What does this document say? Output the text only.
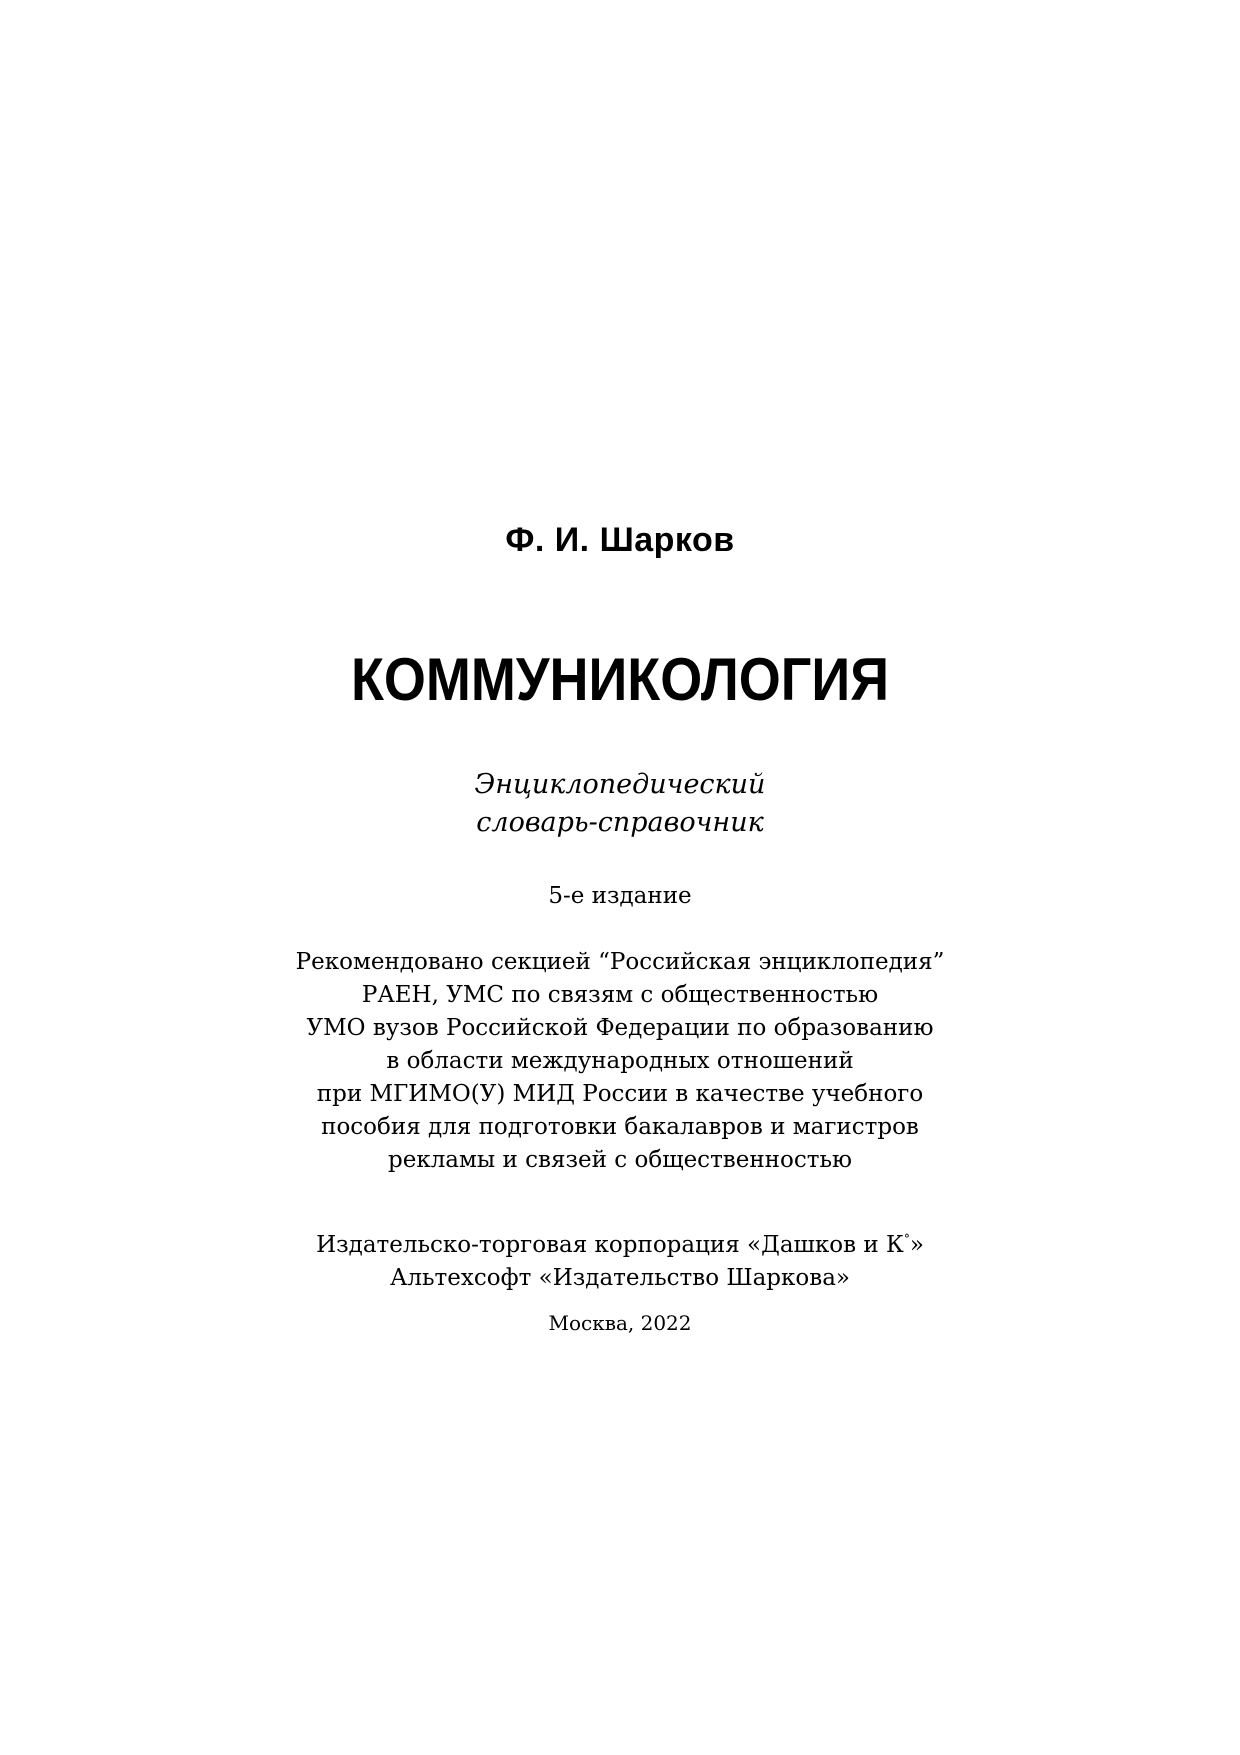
Ф. И. Шарков
КОММУНИКОЛОГИЯ
Энциклопедический
словарь-справочник
5-е издание
Рекомендовано секцией “Российская энциклопедия”
РАЕН, УМС по связям с общественностью
УМО вузов Российской Федерации по образованию
в области международных отношений
при МГИМО(У) МИД России в качестве учебного
пособия для подготовки бакалавров и магистров
рекламы и связей с общественностью
Издательско-торговая корпорация «Дашков и К°»
Альтехсофт «Издательство Шаркова»
Москва, 2022
